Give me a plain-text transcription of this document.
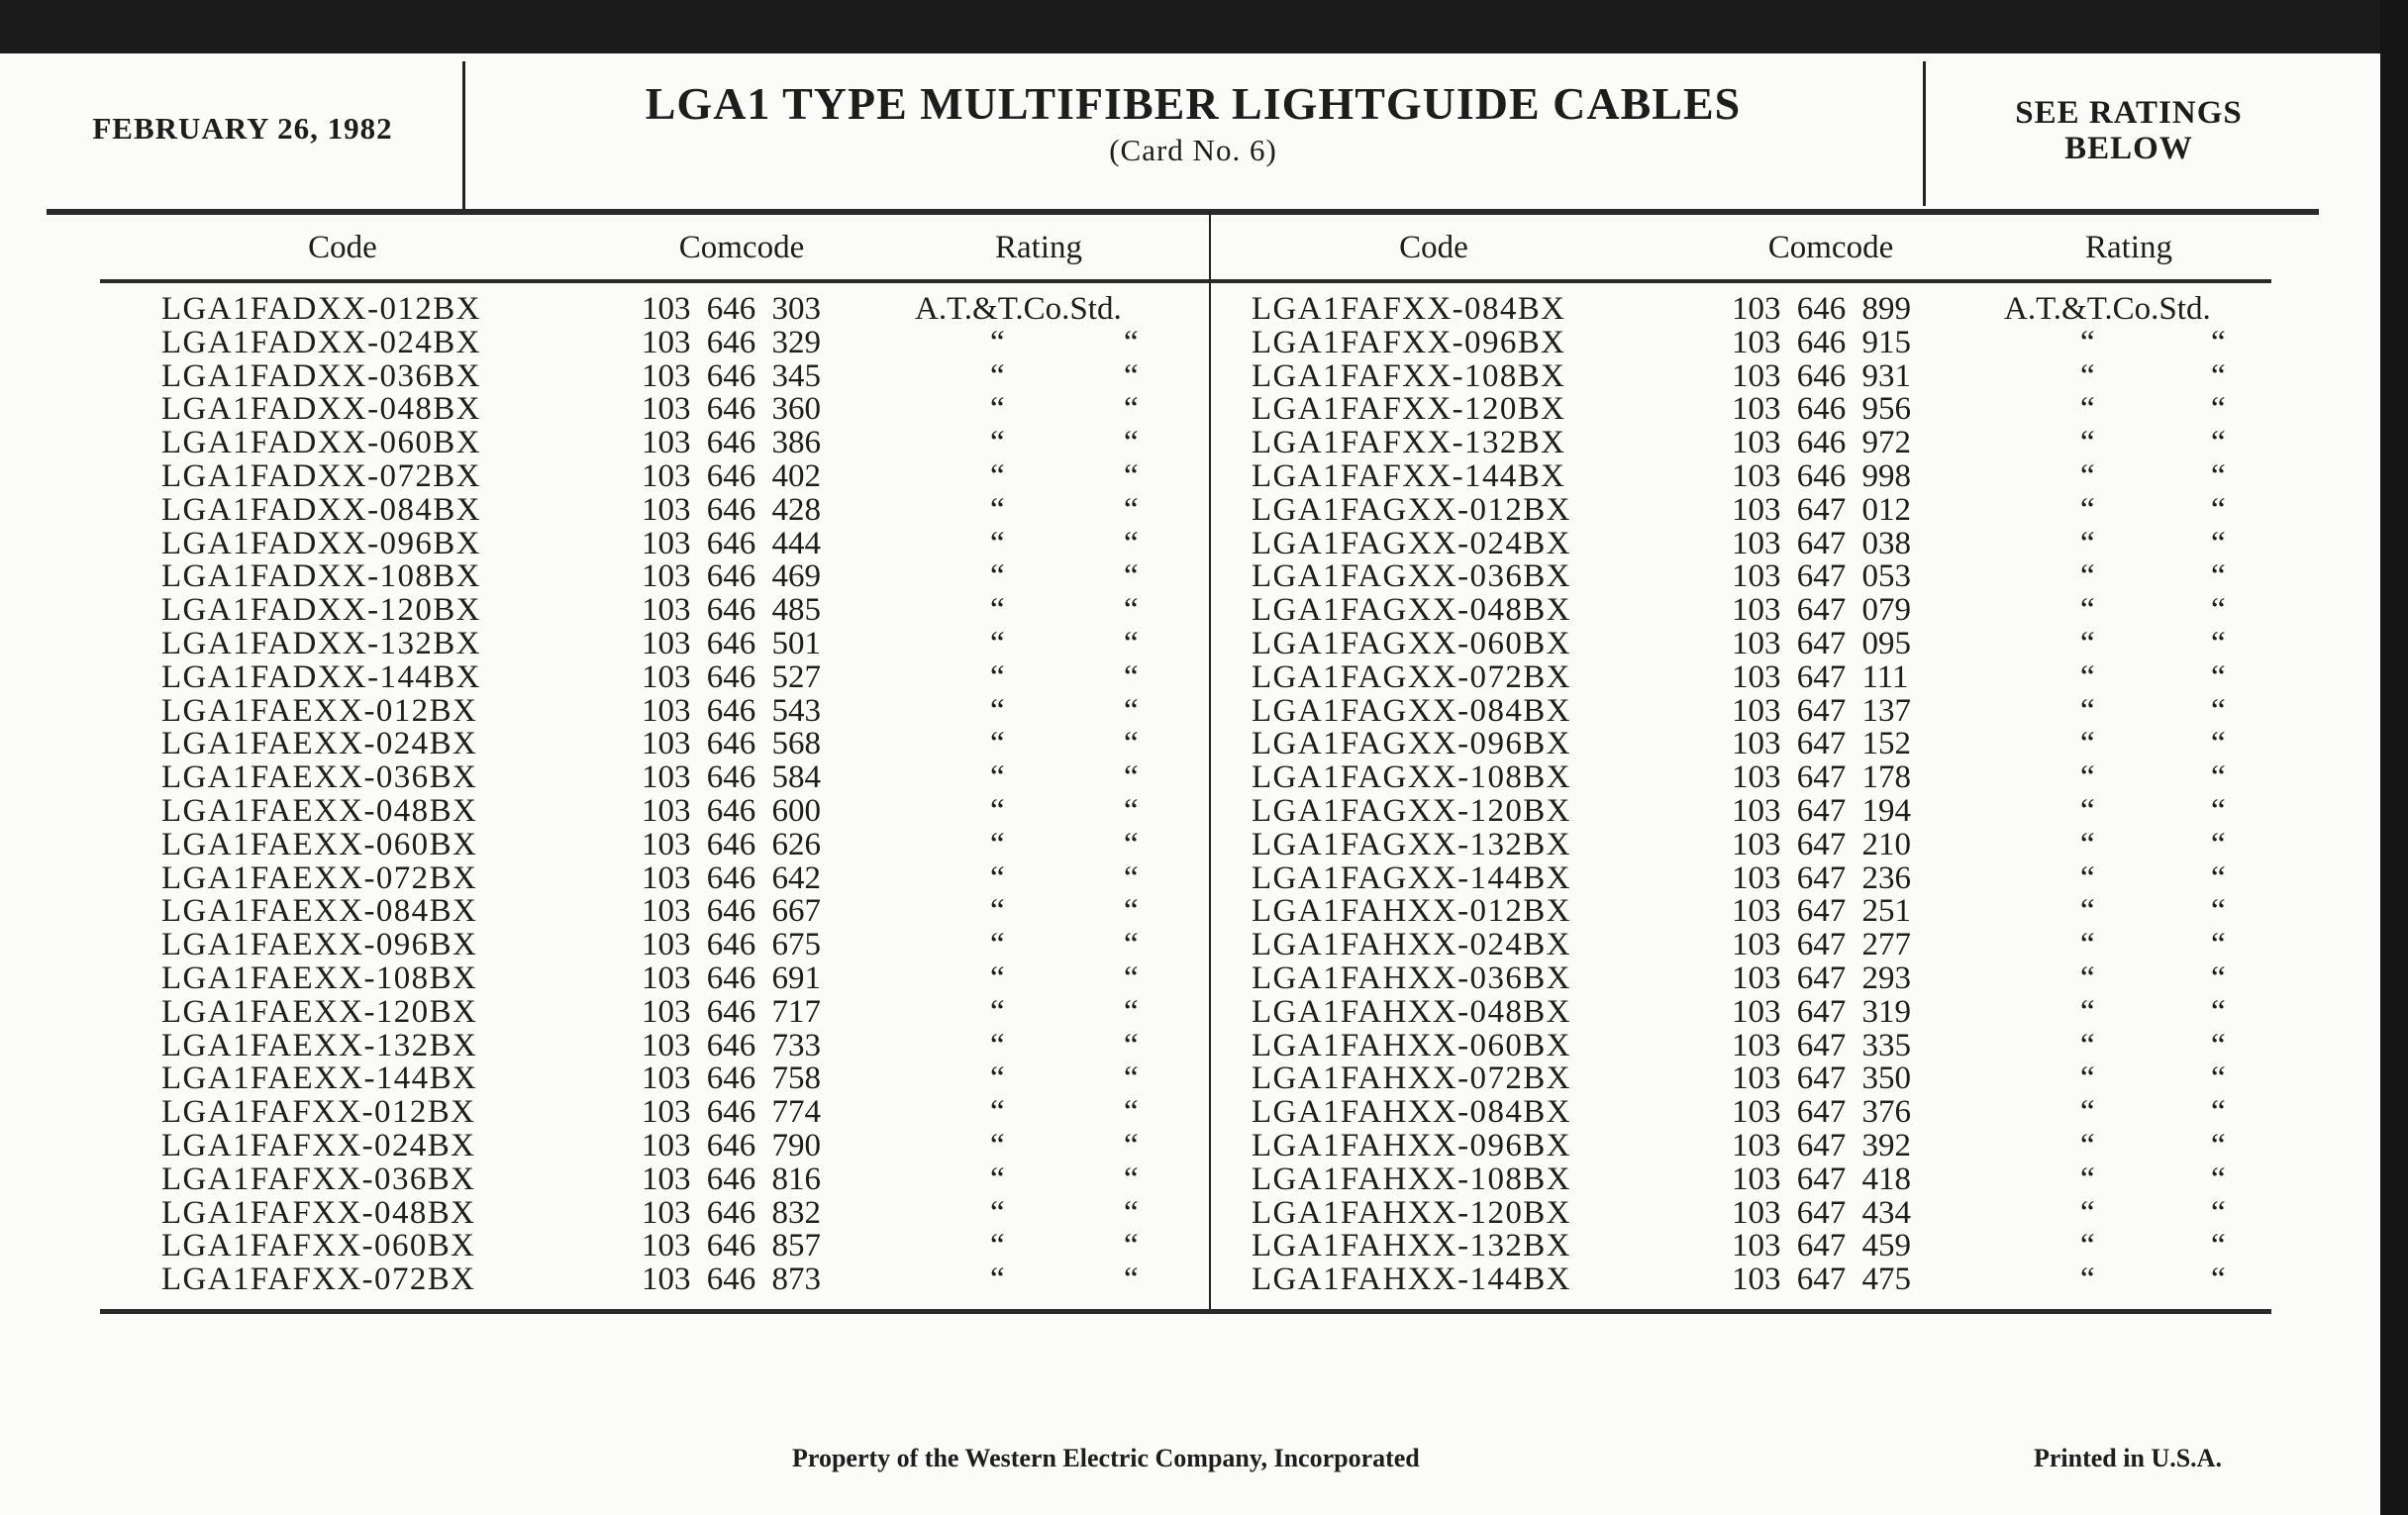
FEBRUARY 26, 1982	LGA1 TYPE MULTIFIBER LIGHTGUIDE CABLES
(Card No. 6)
SEE RATINGS
BELOW
Code	Comcode	Rating	Code	Comcode	Rating
LGA1FADXX-012BX	103 646 303	A.T.&T.Co.Std.
LGA1FADXX-024BX	103 646 329	“	“
LGA1FADXX-036BX	103 646 345	“	“
LGA1FADXX-048BX	103 646 360	“	“
LGA1FADXX-060BX	103 646 386	“	“
LGA1FADXX-072BX	103 646 402	“	“
LGA1FADXX-084BX	103 646 428	“	“
LGA1FADXX-096BX	103 646 444	“	“
LGA1FADXX-108BX	103 646 469	“	“
LGA1FADXX-120BX	103 646 485	“	“
LGA1FADXX-132BX	103 646 501	“	“
LGA1FADXX-144BX	103 646 527	“	“
LGA1FAEXX-012BX	103 646 543	“	“
LGA1FAEXX-024BX	103 646 568	“	“
LGA1FAEXX-036BX	103 646 584	“	“
LGA1FAEXX-048BX	103 646 600	“	“
LGA1FAEXX-060BX	103 646 626	“	“
LGA1FAEXX-072BX	103 646 642	“	“
LGA1FAEXX-084BX	103 646 667	“	“
LGA1FAEXX-096BX	103 646 675	“	“
LGA1FAEXX-108BX	103 646 691	“	“
LGA1FAEXX-120BX	103 646 717	“	“
LGA1FAEXX-132BX	103 646 733	“	“
LGA1FAEXX-144BX	103 646 758	“	“
LGA1FAFXX-012BX	103 646 774	“	“
LGA1FAFXX-024BX	103 646 790	“	“
LGA1FAFXX-036BX	103 646 816	“	“
LGA1FAFXX-048BX	103 646 832	“	“
LGA1FAFXX-060BX	103 646 857	“	“
LGA1FAFXX-072BX	103 646 873	“	“
LGA1FAFXX-084BX	103 646 899	A.T.&T.Co.Std.
LGA1FAFXX-096BX	103 646 915	“	“
LGA1FAFXX-108BX	103 646 931	“	“
LGA1FAFXX-120BX	103 646 956	“	“
LGA1FAFXX-132BX	103 646 972	“	“
LGA1FAFXX-144BX	103 646 998	“	“
LGA1FAGXX-012BX	103 647 012	“	“
LGA1FAGXX-024BX	103 647 038	“	“
LGA1FAGXX-036BX	103 647 053	“	“
LGA1FAGXX-048BX	103 647 079	“	“
LGA1FAGXX-060BX	103 647 095	“	“
LGA1FAGXX-072BX	103 647 111	“	“
LGA1FAGXX-084BX	103 647 137	“	“
LGA1FAGXX-096BX	103 647 152	“	“
LGA1FAGXX-108BX	103 647 178	“	“
LGA1FAGXX-120BX	103 647 194	“	“
LGA1FAGXX-132BX	103 647 210	“	“
LGA1FAGXX-144BX	103 647 236	“	“
LGA1FAHXX-012BX	103 647 251	“	“
LGA1FAHXX-024BX	103 647 277	“	“
LGA1FAHXX-036BX	103 647 293	“	“
LGA1FAHXX-048BX	103 647 319	“	“
LGA1FAHXX-060BX	103 647 335	“	“
LGA1FAHXX-072BX	103 647 350	“	“
LGA1FAHXX-084BX	103 647 376	“	“
LGA1FAHXX-096BX	103 647 392	“	“
LGA1FAHXX-108BX	103 647 418	“	“
LGA1FAHXX-120BX	103 647 434	“	“
LGA1FAHXX-132BX	103 647 459	“	“
LGA1FAHXX-144BX	103 647 475	“	“
Property of the Western Electric Company, Incorporated	Printed in U.S.A.
